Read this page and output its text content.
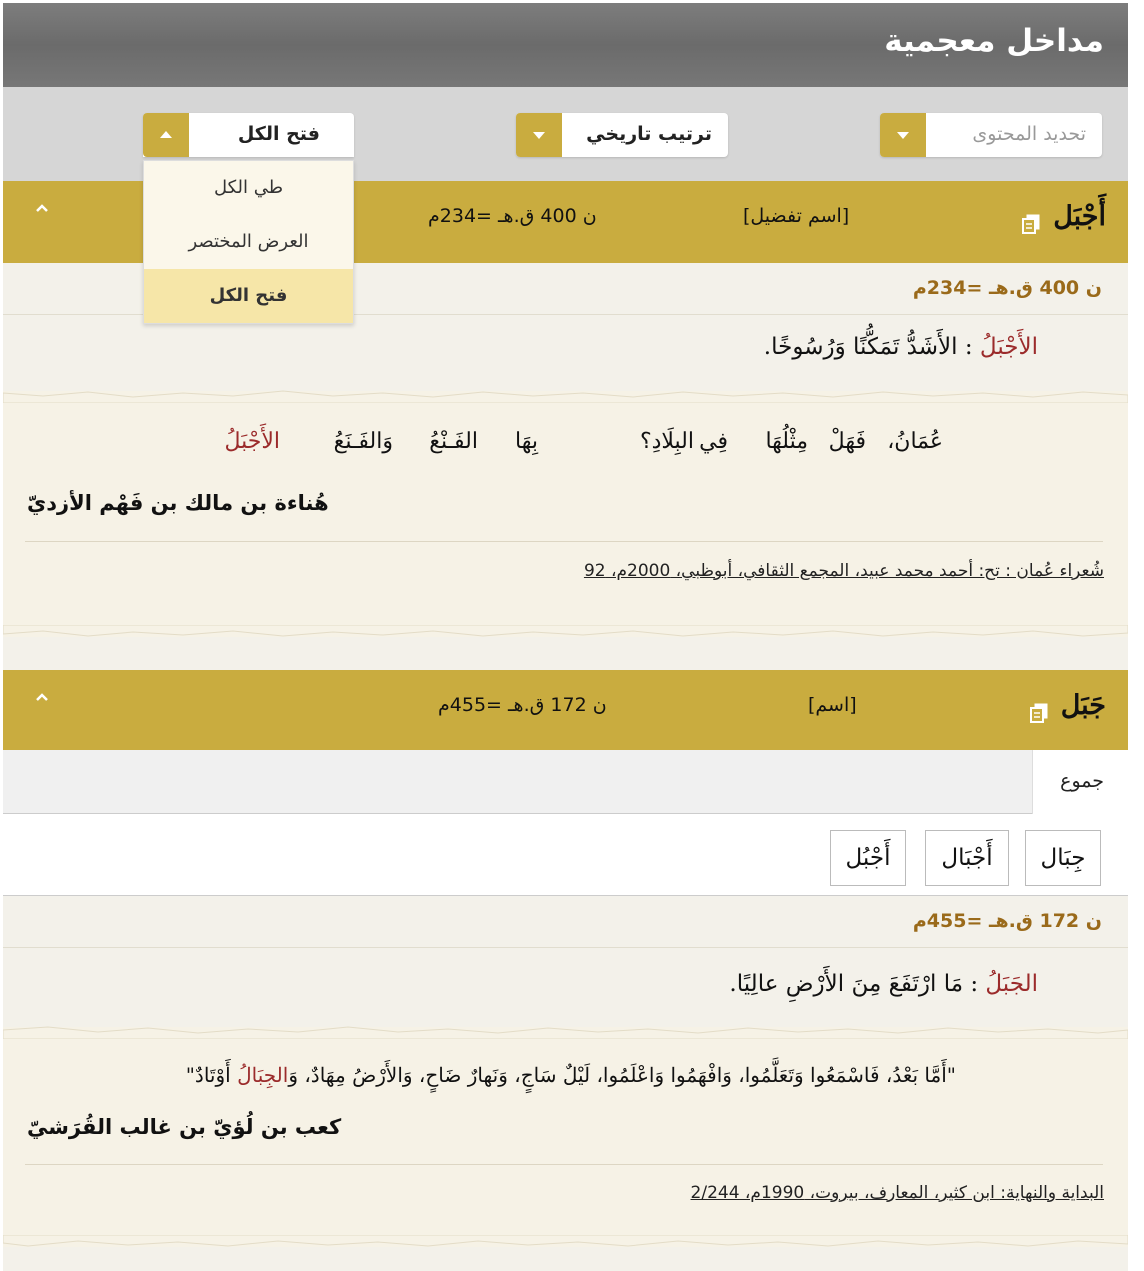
مداخل معجمية
تحديد المحتوى
ترتيب تاريخي
فتح الكل
طي الكل
العرض المختصر
فتح الكل
أَجْبَل
[اسم تفضيل]
ن 400 ق.هـ =234م
ن 400 ق.هـ =234م
الأَجْبَلُ : الأَشَدُّ تَمَكُّنًا وَرُسُوخًا.
عُمَانُ،
فَهَلْ
مِثْلُهَا
فِي
البِلَادِ؟
بِهَا
الفَـنْعُ
وَالفَـنَعُ
الأَجْبَلُ
هُناءة بن مالك بن فَهْم الأزديّ
شُعراء عُمان : تح: أحمد محمد عبيد، المجمع الثقافي، أبوظبي، 2000م، 92
جَبَل
[اسم]
ن 172 ق.هـ =455م
جموع
جِبَال
أَجْبَال
أَجْبُل
ن 172 ق.هـ =455م
الجَبَلُ : مَا ارْتَفَعَ مِنَ الأَرْضِ عالِيًا.
"أَمَّا بَعْدُ، فَاسْمَعُوا وَتَعَلَّمُوا، وَافْهَمُوا وَاعْلَمُوا، لَيْلٌ سَاجٍ، وَنَهارٌ ضَاحٍ، وَالأَرْضُ مِهَادٌ، وَالجِبَالُ أَوْتَادٌ"
كعب بن لُؤيّ بن غالب القُرَشيّ
البداية والنهاية: ابن كثير، المعارف، بيروت، 1990م، 2/244
